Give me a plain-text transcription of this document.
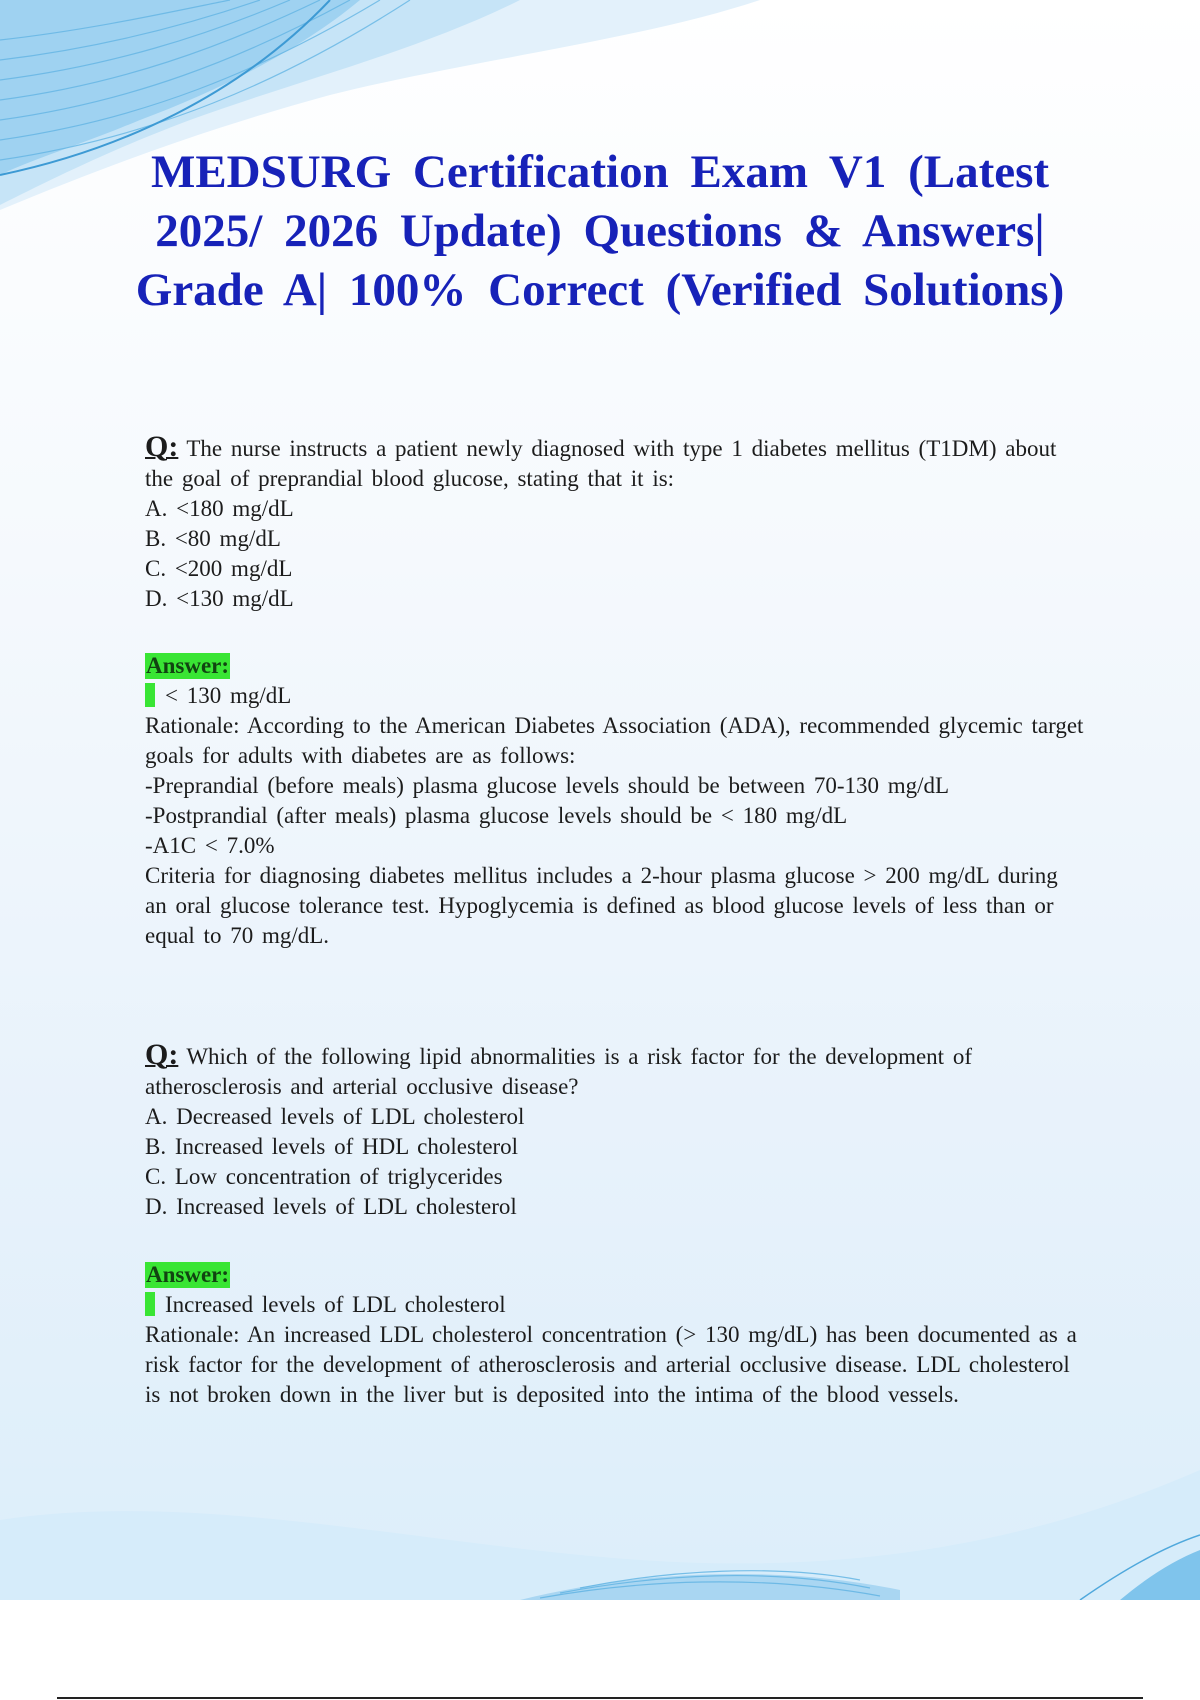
MEDSURG Certification Exam V1 (Latest 2025/ 2026 Update) Questions & Answers| Grade A| 100% Correct (Verified Solutions)

Q: The nurse instructs a patient newly diagnosed with type 1 diabetes mellitus (T1DM) about the goal of preprandial blood glucose, stating that it is:

A. <180 mg/dL

B. <80 mg/dL

C. <200 mg/dL

D. <130 mg/dL

Answer:

< 130 mg/dL

Rationale: According to the American Diabetes Association (ADA), recommended glycemic target goals for adults with diabetes are as follows:

-Preprandial (before meals) plasma glucose levels should be between 70-130 mg/dL

-Postprandial (after meals) plasma glucose levels should be < 180 mg/dL

-A1C < 7.0%

Criteria for diagnosing diabetes mellitus includes a 2-hour plasma glucose > 200 mg/dL during an oral glucose tolerance test. Hypoglycemia is defined as blood glucose levels of less than or equal to 70 mg/dL.

Q: Which of the following lipid abnormalities is a risk factor for the development of atherosclerosis and arterial occlusive disease?

A. Decreased levels of LDL cholesterol

B. Increased levels of HDL cholesterol

C. Low concentration of triglycerides

D. Increased levels of LDL cholesterol

Answer:

Increased levels of LDL cholesterol

Rationale: An increased LDL cholesterol concentration (> 130 mg/dL) has been documented as a risk factor for the development of atherosclerosis and arterial occlusive disease. LDL cholesterol is not broken down in the liver but is deposited into the intima of the blood vessels.
